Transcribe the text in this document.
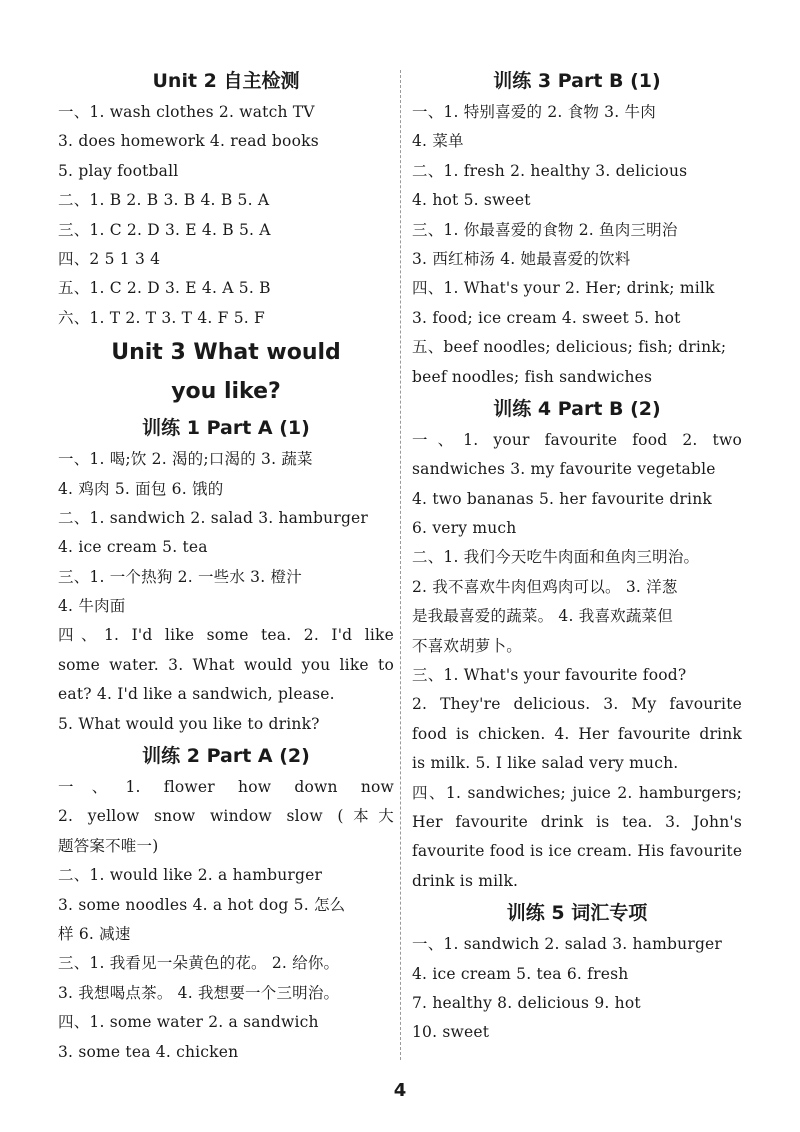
Unit 2 自主检测
一、1. wash clothes 2. watch TV
3. does homework 4. read books
5. play football
二、1. B 2. B 3. B 4. B 5. A
三、1. C 2. D 3. E 4. B 5. A
四、2 5 1 3 4
五、1. C 2. D 3. E 4. A 5. B
六、1. T 2. T 3. T 4. F 5. F
Unit 3 What would
you like?
训练 1 Part A (1)
一、1. 喝;饮 2. 渴的;口渴的 3. 蔬菜
4. 鸡肉 5. 面包 6. 饿的
二、1. sandwich 2. salad 3. hamburger
4. ice cream 5. tea
三、1. 一个热狗 2. 一些水 3. 橙汁
4. 牛肉面
四、1. I'd like some tea. 2. I'd like
some water. 3. What would you like to
eat? 4. I'd like a sandwich, please.
5. What would you like to drink?
训练 2 Part A (2)
一、1. flower how down now
2. yellow snow window slow (本大
题答案不唯一)
二、1. would like 2. a hamburger
3. some noodles 4. a hot dog 5. 怎么
样 6. 减速
三、1. 我看见一朵黄色的花。 2. 给你。
3. 我想喝点茶。 4. 我想要一个三明治。
四、1. some water 2. a sandwich
3. some tea 4. chicken
训练 3 Part B (1)
一、1. 特别喜爱的 2. 食物 3. 牛肉
4. 菜单
二、1. fresh 2. healthy 3. delicious
4. hot 5. sweet
三、1. 你最喜爱的食物 2. 鱼肉三明治
3. 西红柿汤 4. 她最喜爱的饮料
四、1. What's your 2. Her; drink; milk
3. food; ice cream 4. sweet 5. hot
五、beef noodles; delicious; fish; drink;
beef noodles; fish sandwiches
训练 4 Part B (2)
一、1. your favourite food 2. two
sandwiches 3. my favourite vegetable
4. two bananas 5. her favourite drink
6. very much
二、1. 我们今天吃牛肉面和鱼肉三明治。
2. 我不喜欢牛肉但鸡肉可以。 3. 洋葱
是我最喜爱的蔬菜。 4. 我喜欢蔬菜但
不喜欢胡萝卜。
三、1. What's your favourite food?
2. They're delicious. 3. My favourite
food is chicken. 4. Her favourite drink
is milk. 5. I like salad very much.
四、1. sandwiches; juice 2. hamburgers;
Her favourite drink is tea. 3. John's
favourite food is ice cream. His favourite
drink is milk.
训练 5 词汇专项
一、1. sandwich 2. salad 3. hamburger
4. ice cream 5. tea 6. fresh
7. healthy 8. delicious 9. hot
10. sweet
4
